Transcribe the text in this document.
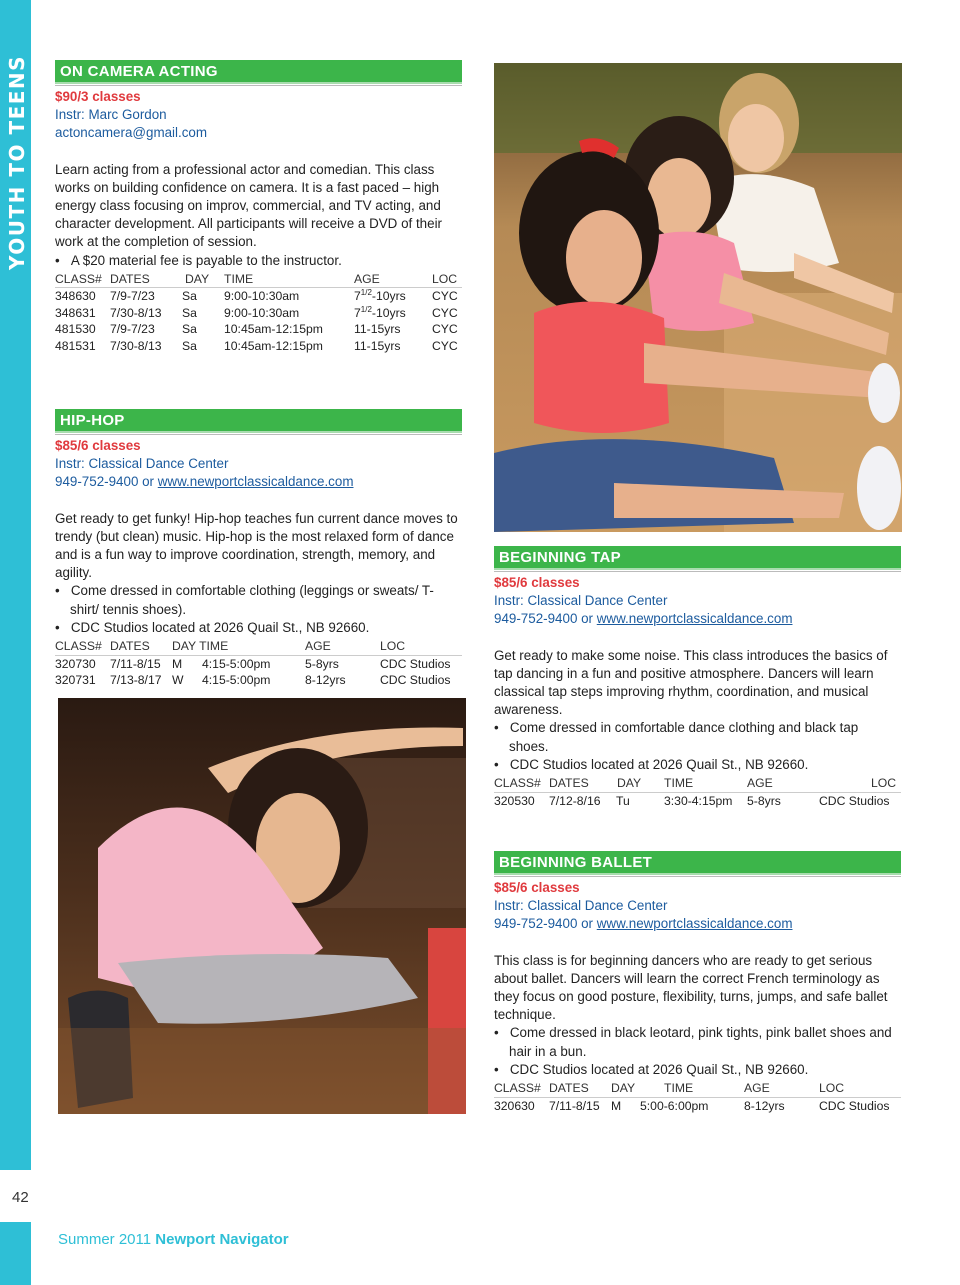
YOUTH TO TEENS
42
Summer 2011 Newport Navigator
ON CAMERA ACTING
$90/3 classes
Instr: Marc Gordon
actoncamera@gmail.com
Learn acting from a professional actor and comedian. This class works on building confidence on camera. It is a fast paced – high energy class focusing on improv, commercial, and TV acting, and character development. All participants will receive a DVD of their work at the completion of session.
•   A $20 material fee is payable to the instructor.
CLASS# DATES	DAY TIME	AGE	LOC
348630 7/9-7/23 Sa 9:00-10:30am	$7^{1/2}-10yrs$ CYC
348631 7/30-8/13 Sa 9:00-10:30am	$7^{1/2}-10yrs$ CYC
481530 7/9-7/23 Sa 10:45am-12:15pm	11-15yrs	CYC
481531 7/30-8/13 Sa 10:45am-12:15pm	11-15yrs	CYC
HIP-HOP
$85/6 classes
Instr: Classical Dance Center
949-752-9400 or www.newportclassicaldance.com
Get ready to get funky! Hip-hop teaches fun current dance moves to trendy (but clean) music. Hip-hop is the most relaxed form of dance and is a fun way to improve coordination, strength, memory, and agility.
•   Come dressed in comfortable clothing (leggings or sweats/ T-shirt/ tennis shoes).
•   CDC Studios located at 2026 Quail St., NB 92660.
CLASS# DATES DAY TIME	AGE	LOC
320730 7/11-8/15 M 4:15-5:00pm	5-8yrs	CDC Studios
320731 7/13-8/17 W 4:15-5:00pm	8-12yrs	CDC Studios
BEGINNING TAP
$85/6 classes
Instr: Classical Dance Center
949-752-9400 or www.newportclassicaldance.com
Get ready to make some noise. This class introduces the basics of tap dancing in a fun and positive atmosphere. Dancers will learn classical tap steps improving rhythm, coordination, and musical awareness.
•   Come dressed in comfortable dance clothing and black tap shoes.
•   CDC Studios located at 2026 Quail St., NB 92660.
CLASS# DATES DAY TIME	AGE	LOC
320530 7/12-8/16 Tu	3:30-4:15pm 5-8yrs	CDC Studios
BEGINNING BALLET
$85/6 classes
Instr: Classical Dance Center
949-752-9400 or www.newportclassicaldance.com
This class is for beginning dancers who are ready to get serious about ballet. Dancers will learn the correct French terminology as they focus on good posture, flexibility, turns, jumps, and safe ballet technique.
•   Come dressed in black leotard, pink tights, pink ballet shoes and hair in a bun.
•   CDC Studios located at 2026 Quail St., NB 92660.
CLASS# DATES DAY TIME	AGE	LOC
320630 7/11-8/15 M 5:00-6:00pm	8-12yrs	CDC Studios
